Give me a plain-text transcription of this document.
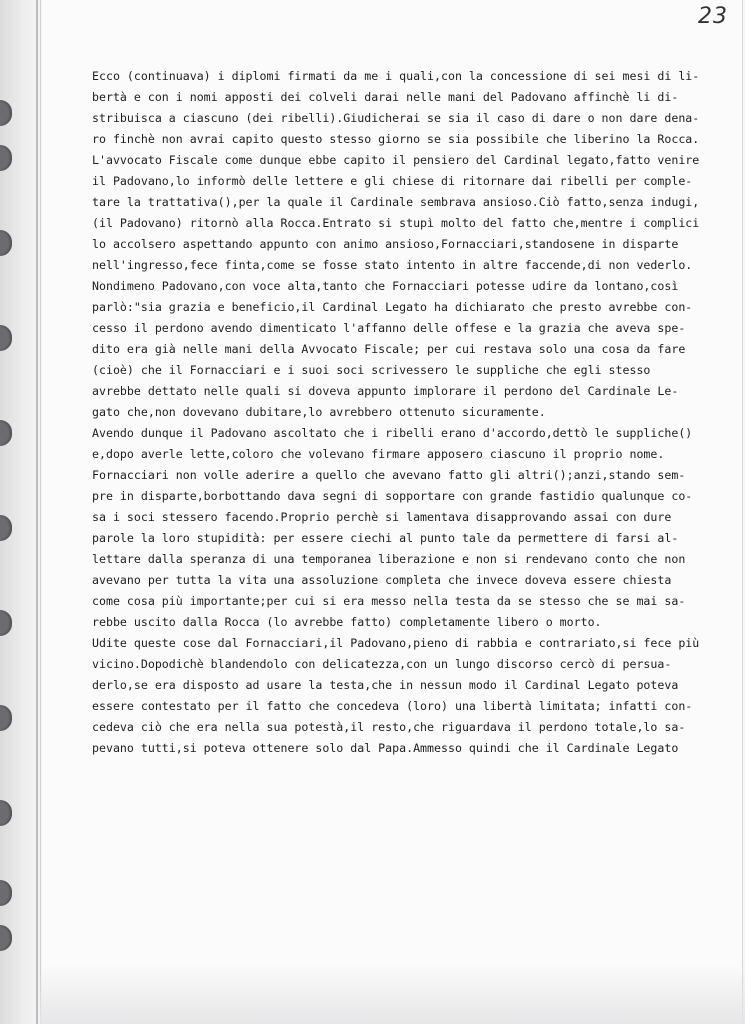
23
Ecco (continuava) i diplomi firmati da me i quali,con la concessione di sei mesi di li-
bertà e con i nomi apposti dei colveli darai nelle mani del Padovano affinchè li di-
stribuisca a ciascuno (dei ribelli).Giudicherai se sia il caso di dare o non dare dena-
ro finchè non avrai capito questo stesso giorno se sia possibile che liberino la Rocca.
L'avvocato Fiscale come dunque ebbe capito il pensiero del Cardinal legato,fatto venire
il Padovano,lo informò delle lettere e gli chiese di ritornare dai ribelli per comple-
tare la trattativa(),per la quale il Cardinale sembrava ansioso.Ciò fatto,senza indugi,
(il Padovano) ritornò alla Rocca.Entrato si stupì molto del fatto che,mentre i complici
lo accolsero aspettando appunto con animo ansioso,Fornacciari,standosene in disparte
nell'ingresso,fece finta,come se fosse stato intento in altre faccende,di non vederlo.
Nondimeno Padovano,con voce alta,tanto che Fornacciari potesse udire da lontano,così
parlò:"sia grazia e beneficio,il Cardinal Legato ha dichiarato che presto avrebbe con-
cesso il perdono avendo dimenticato l'affanno delle offese e la grazia che aveva spe-
dito era già nelle mani della Avvocato Fiscale; per cui restava solo una cosa da fare
(cioè) che il Fornacciari e i suoi soci scrivessero le suppliche che egli stesso
avrebbe dettato nelle quali si doveva appunto implorare il perdono del Cardinale Le-
gato che,non dovevano dubitare,lo avrebbero ottenuto sicuramente.
Avendo dunque il Padovano ascoltato che i ribelli erano d'accordo,dettò le suppliche()
e,dopo averle lette,coloro che volevano firmare apposero ciascuno il proprio nome.
Fornacciari non volle aderire a quello che avevano fatto gli altri();anzi,stando sem-
pre in disparte,borbottando dava segni di sopportare con grande fastidio qualunque co-
sa i soci stessero facendo.Proprio perchè si lamentava disapprovando assai con dure
parole la loro stupidità: per essere ciechi al punto tale da permettere di farsi al-
lettare dalla speranza di una temporanea liberazione e non si rendevano conto che non
avevano per tutta la vita una assoluzione completa che invece doveva essere chiesta
come cosa più importante;per cui si era messo nella testa da se stesso che se mai sa-
rebbe uscito dalla Rocca (lo avrebbe fatto) completamente libero o morto.
Udite queste cose dal Fornacciari,il Padovano,pieno di rabbia e contrariato,si fece più
vicino.Dopodichè blandendolo con delicatezza,con un lungo discorso cercò di persua-
derlo,se era disposto ad usare la testa,che in nessun modo il Cardinal Legato poteva
essere contestato per il fatto che concedeva (loro) una libertà limitata; infatti con-
cedeva ciò che era nella sua potestà,il resto,che riguardava il perdono totale,lo sa-
pevano tutti,si poteva ottenere solo dal Papa.Ammesso quindi che il Cardinale Legato
